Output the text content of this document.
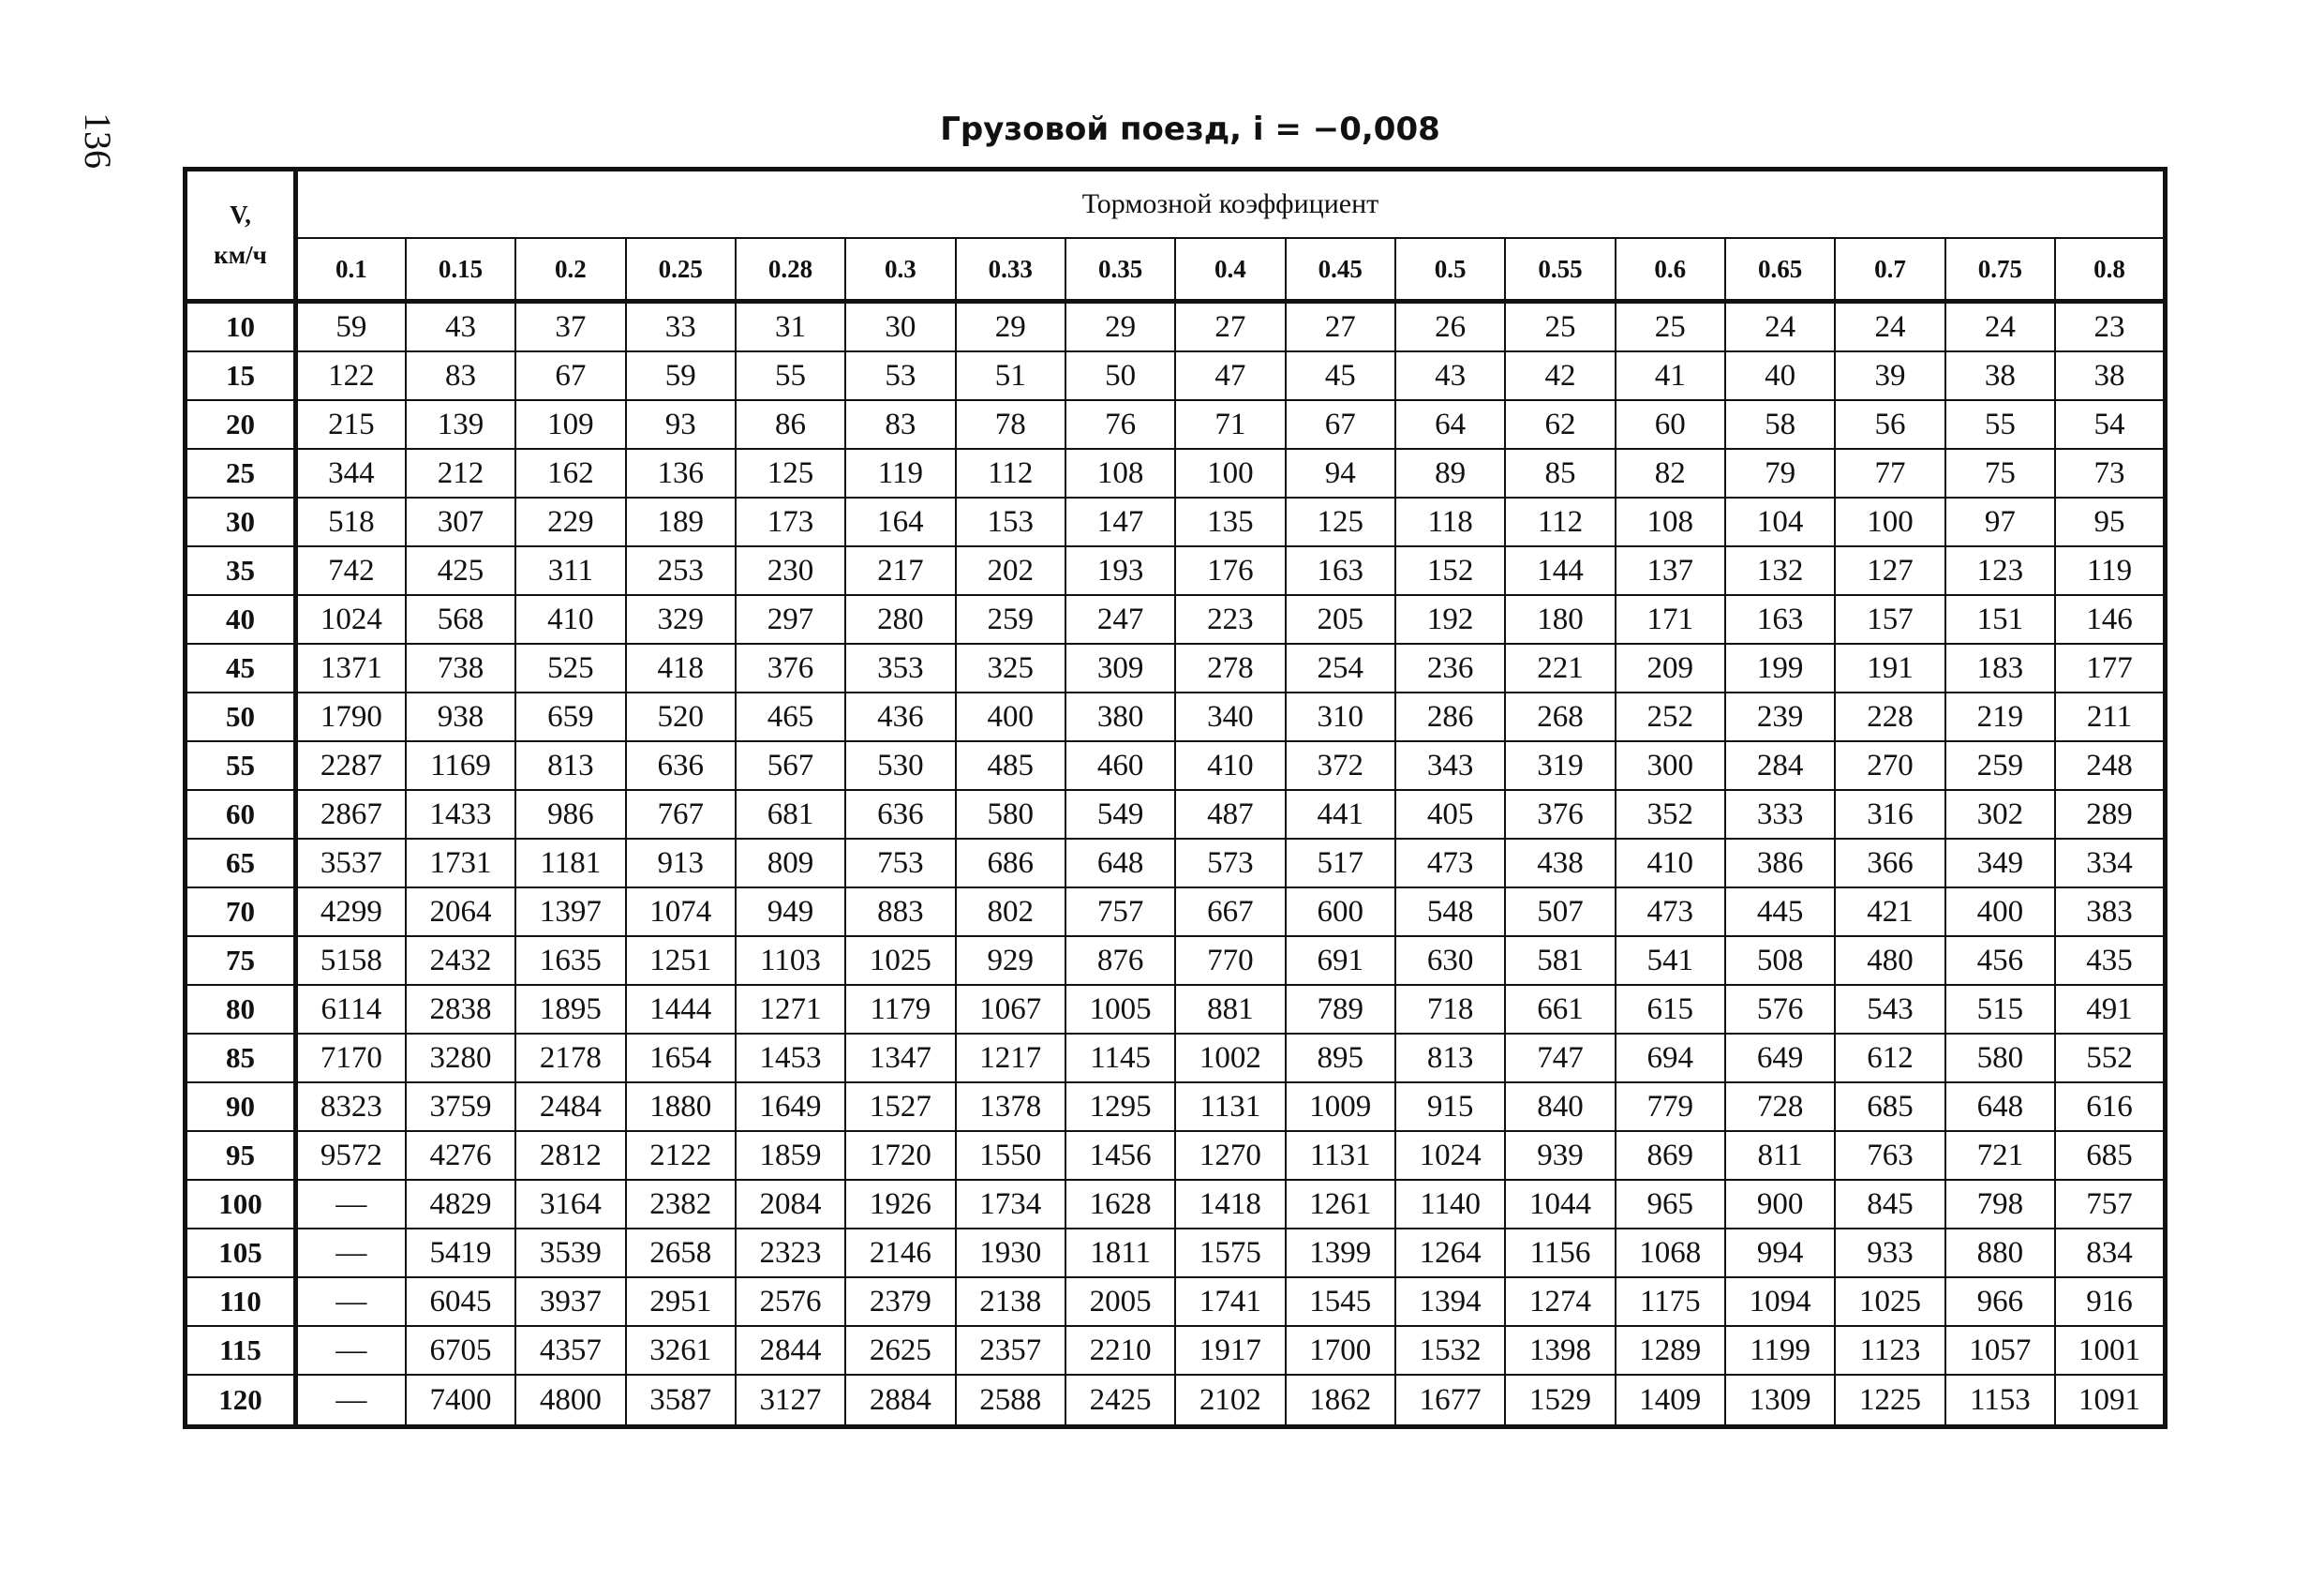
136	Грузовой поезд, i = −0,008
V,
км/ч	Тормозной коэффициент																
	0.1	0.15	0.2	0.25	0.28	0.3	0.33	0.35	0.4	0.45	0.5	0.55	0.6	0.65	0.7	0.75	0.8
10	59	43	37	33	31	30	29	29	27	27	26	25	25	24	24	24	23
15	122	83	67	59	55	53	51	50	47	45	43	42	41	40	39	38	38
20	215	139	109	93	86	83	78	76	71	67	64	62	60	58	56	55	54
25	344	212	162	136	125	119	112	108	100	94	89	85	82	79	77	75	73
30	518	307	229	189	173	164	153	147	135	125	118	112	108	104	100	97	95
35	742	425	311	253	230	217	202	193	176	163	152	144	137	132	127	123	119
40	1024	568	410	329	297	280	259	247	223	205	192	180	171	163	157	151	146
45	1371	738	525	418	376	353	325	309	278	254	236	221	209	199	191	183	177
50	1790	938	659	520	465	436	400	380	340	310	286	268	252	239	228	219	211
55	2287	1169	813	636	567	530	485	460	410	372	343	319	300	284	270	259	248
60	2867	1433	986	767	681	636	580	549	487	441	405	376	352	333	316	302	289
65	3537	1731	1181	913	809	753	686	648	573	517	473	438	410	386	366	349	334
70	4299	2064	1397	1074	949	883	802	757	667	600	548	507	473	445	421	400	383
75	5158	2432	1635	1251	1103	1025	929	876	770	691	630	581	541	508	480	456	435
80	6114	2838	1895	1444	1271	1179	1067	1005	881	789	718	661	615	576	543	515	491
85	7170	3280	2178	1654	1453	1347	1217	1145	1002	895	813	747	694	649	612	580	552
90	8323	3759	2484	1880	1649	1527	1378	1295	1131	1009	915	840	779	728	685	648	616
95	9572	4276	2812	2122	1859	1720	1550	1456	1270	1131	1024	939	869	811	763	721	685
100	—	4829	3164	2382	2084	1926	1734	1628	1418	1261	1140	1044	965	900	845	798	757
105	—	5419	3539	2658	2323	2146	1930	1811	1575	1399	1264	1156	1068	994	933	880	834
110	—	6045	3937	2951	2576	2379	2138	2005	1741	1545	1394	1274	1175	1094	1025	966	916
115	—	6705	4357	3261	2844	2625	2357	2210	1917	1700	1532	1398	1289	1199	1123	1057	1001
120	—	7400	4800	3587	3127	2884	2588	2425	2102	1862	1677	1529	1409	1309	1225	1153	1091
